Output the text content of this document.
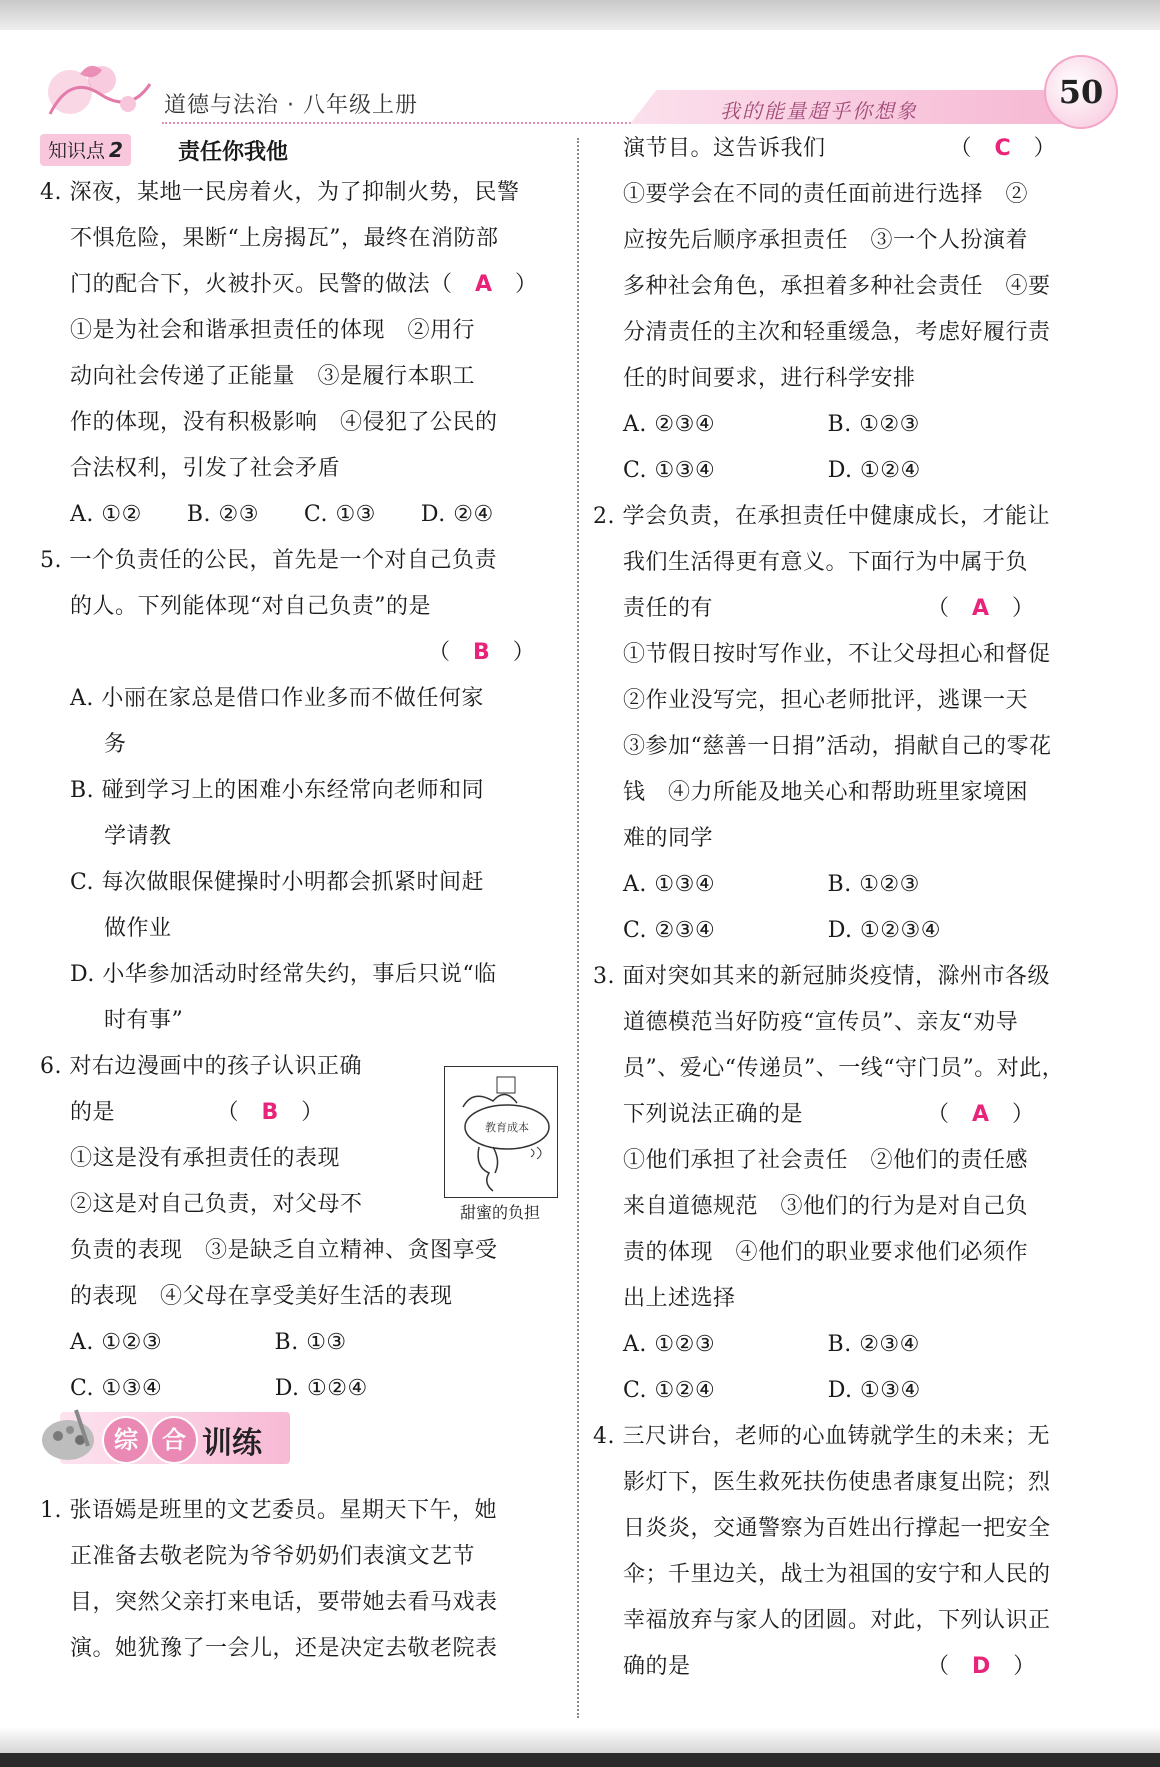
道德与法治 · 八年级上册	我的能量超乎你想象	50
知识点 2	责任你我他
4. 深夜，某地一民房着火，为了抑制火势，民警
不惧危险，果断“上房揭瓦”，最终在消防部
门的配合下，火被扑灭。民警的做法（　A　）
①是为社会和谐承担责任的体现　②用行
动向社会传递了正能量　③是履行本职工
作的体现，没有积极影响　④侵犯了公民的
合法权利，引发了社会矛盾
A. ①②　　B. ②③　　C. ①③　　D. ②④
5. 一个负责任的公民，首先是一个对自己负责
的人。下列能体现“对自己负责”的是
（　B　）
A. 小丽在家总是借口作业多而不做任何家
务
B. 碰到学习上的困难小东经常向老师和同
学请教
C. 每次做眼保健操时小明都会抓紧时间赶
做作业
D. 小华参加活动时经常失约，事后只说“临
时有事”
6. 对右边漫画中的孩子认识正确
的是　　　　　（　B　）
①这是没有承担责任的表现
②这是对自己负责，对父母不
负责的表现　③是缺乏自立精神、贪图享受
的表现　④父母在享受美好生活的表现
A. ①②③　　　　　B. ①③
C. ①③④　　　　　D. ①②④
1. 张语嫣是班里的文艺委员。星期天下午，她
正准备去敬老院为爷爷奶奶们表演文艺节
目，突然父亲打来电话，要带她去看马戏表
演。她犹豫了一会儿，还是决定去敬老院表
演节目。这告诉我们　　　　　　（　C　）
①要学会在不同的责任面前进行选择　②
应按先后顺序承担责任　③一个人扮演着
多种社会角色，承担着多种社会责任　④要
分清责任的主次和轻重缓急，考虑好履行责
任的时间要求，进行科学安排
A. ②③④　　　　　B. ①②③
C. ①③④　　　　　D. ①②④
2. 学会负责，在承担责任中健康成长，才能让
我们生活得更有意义。下面行为中属于负
责任的有　　　　　　　　　　（　A　）
①节假日按时写作业，不让父母担心和督促
②作业没写完，担心老师批评，逃课一天
③参加“慈善一日捐”活动，捐献自己的零花
钱　④力所能及地关心和帮助班里家境困
难的同学
A. ①③④　　　　　B. ①②③
C. ②③④　　　　　D. ①②③④
3. 面对突如其来的新冠肺炎疫情，滁州市各级
道德模范当好防疫“宣传员”、亲友“劝导
员”、爱心“传递员”、一线“守门员”。对此，
下列说法正确的是　　　　　　（　A　）
①他们承担了社会责任　②他们的责任感
来自道德规范　③他们的行为是对自己负
责的体现　④他们的职业要求他们必须作
出上述选择
A. ①②③　　　　　B. ②③④
C. ①②④　　　　　D. ①③④
4. 三尺讲台，老师的心血铸就学生的未来；无
影灯下，医生救死扶伤使患者康复出院；烈
日炎炎，交通警察为百姓出行撑起一把安全
伞；千里边关，战士为祖国的安宁和人民的
幸福放弃与家人的团圆。对此，下列认识正
确的是　　　　　　　　　　　（　D　）
教育成本
甜蜜的负担
综	合 训练
